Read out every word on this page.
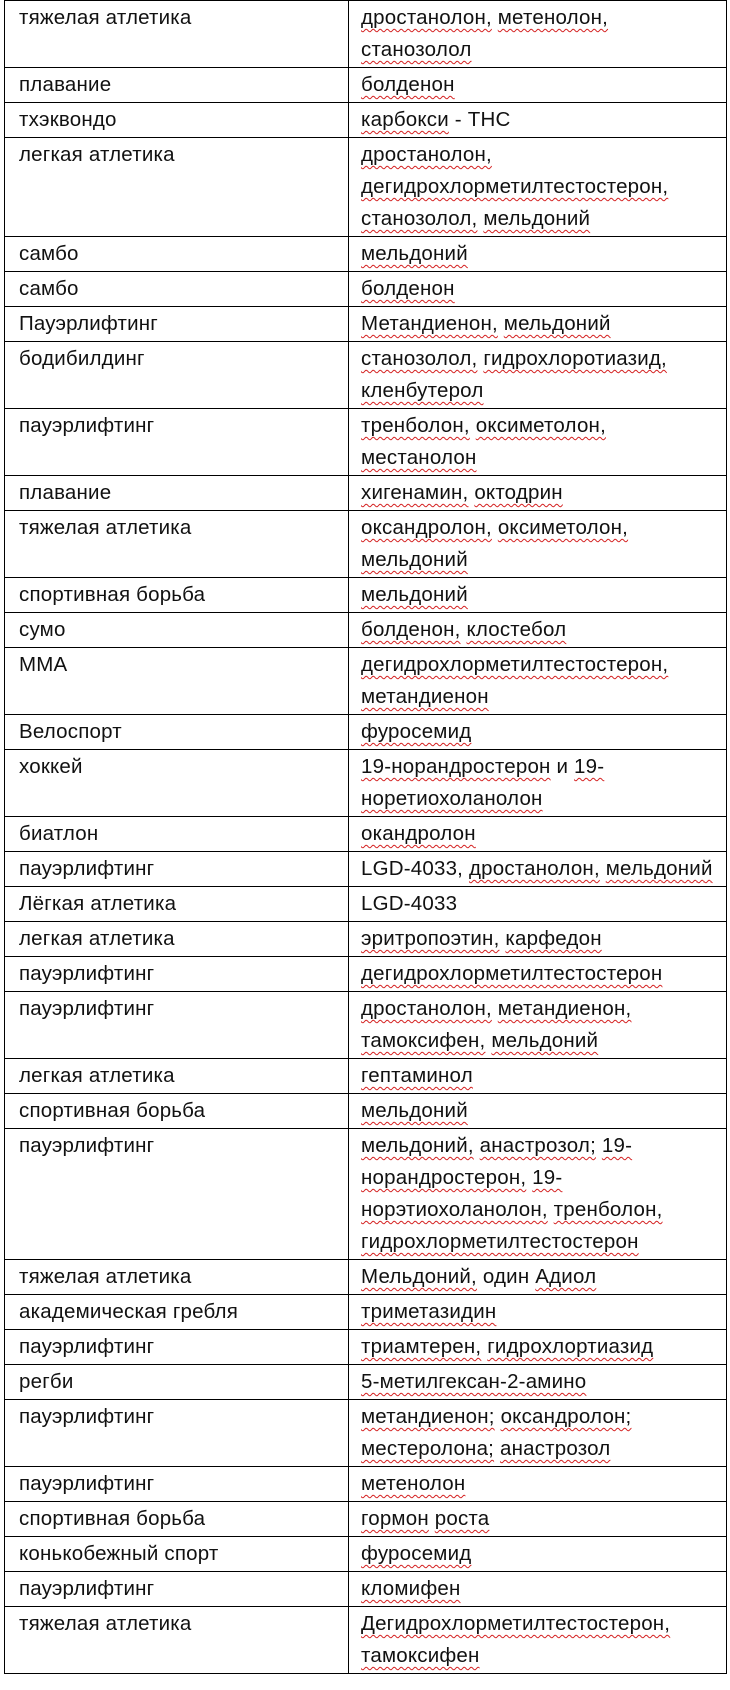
тяжелая атлетика	дростанолон, метенолон, станозолол
плавание	болденон
тхэквондо	карбокси - ТНС
легкая атлетика	дростанолон, дегидрохлорметилтестостерон, станозолол, мельдоний
самбо	мельдоний
самбо	болденон
Пауэрлифтинг	Метандиенон, мельдоний
бодибилдинг	станозолол, гидрохлоротиазид, кленбутерол
пауэрлифтинг	тренболон, оксиметолон, местанолон
плавание	хигенамин, октодрин
тяжелая атлетика	оксандролон, оксиметолон, мельдоний
спортивная борьба	мельдоний
сумо	болденон, клостебол
ММА	дегидрохлорметилтестостерон, метандиенон
Велоспорт	фуросемид
хоккей	19-норандростерон и 19-норетиохоланолон
биатлон	окандролон
пауэрлифтинг	LGD-4033, дростанолон, мельдоний
Лёгкая атлетика	LGD-4033
легкая атлетика	эритропоэтин, карфедон
пауэрлифтинг	дегидрохлорметилтестостерон
пауэрлифтинг	дростанолон, метандиенон, тамоксифен, мельдоний
легкая атлетика	гептаминол
спортивная борьба	мельдоний
пауэрлифтинг	мельдоний, анастрозол; 19-норандростерон, 19-норэтиохоланолон, тренболон, гидрохлорметилтестостерон
тяжелая атлетика	Мельдоний, один Адиол
академическая гребля	триметазидин
пауэрлифтинг	триамтерен, гидрохлортиазид
регби	5-метилгексан-2-амино
пауэрлифтинг	метандиенон; оксандролон; местеролона; анастрозол
пауэрлифтинг	метенолон
спортивная борьба	гормон роста
конькобежный спорт	фуросемид
пауэрлифтинг	кломифен
тяжелая атлетика	Дегидрохлорметилтестостерон, тамоксифен
